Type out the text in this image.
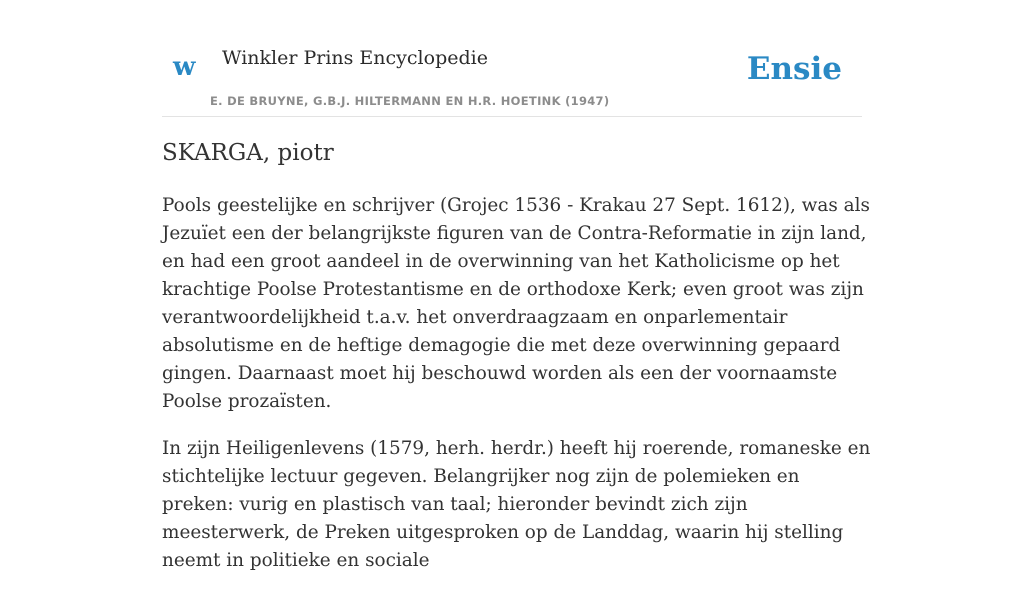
w Winkler Prins Encyclopedie
E. DE BRUYNE, G.B.J. HILTERMANN EN H.R. HOETINK (1947)
Ensie
SKARGA, piotr

Pools geestelijke en schrijver (Grojec 1536 - Krakau 27 Sept. 1612), was als Jezuïet een der belangrijkste figuren van de Contra-Reformatie in zijn land, en had een groot aandeel in de overwinning van het Katholicisme op het krachtige Poolse Protestantisme en de orthodoxe Kerk; even groot was zijn verantwoordelijkheid t.a.v. het onverdraagzaam en onparlementair absolutisme en de heftige demagogie die met deze overwinning gepaard gingen. Daarnaast moet hij beschouwd worden als een der voornaamste Poolse prozaïsten.

In zijn Heiligenlevens (1579, herh. herdr.) heeft hij roerende, romaneske en stichtelijke lectuur gegeven. Belangrijker nog zijn de polemieken en preken: vurig en plastisch van taal; hieronder bevindt zich zijn meesterwerk, de Preken uitgesproken op de Landdag, waarin hij stelling neemt in politieke en sociale
